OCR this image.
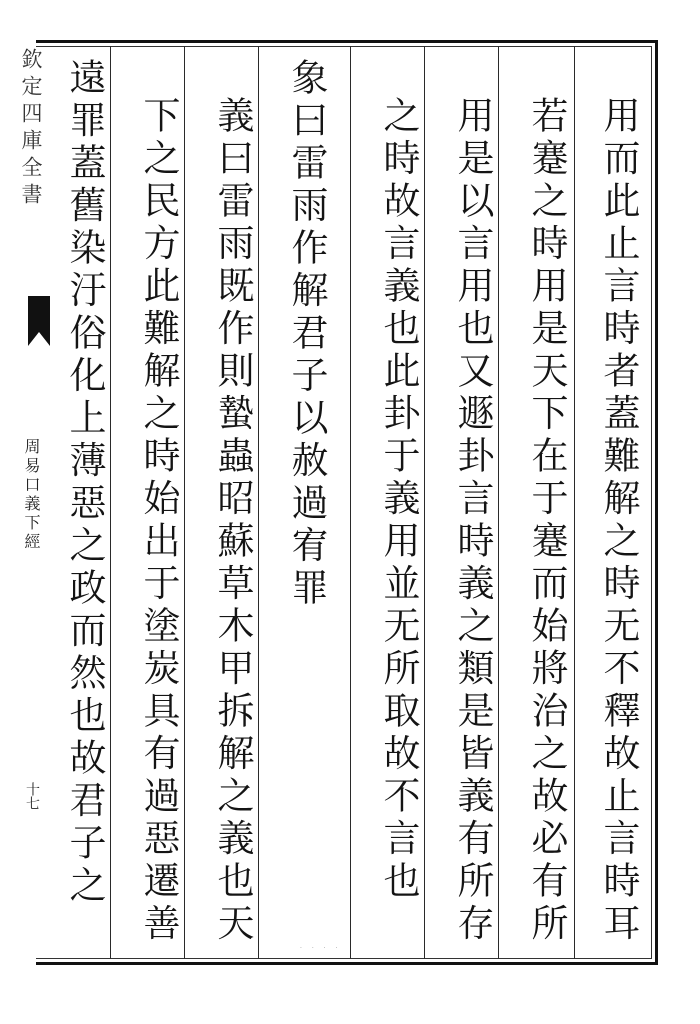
欽定四庫全書
周易口義下經
十七	用而此止言時者蓋難解之時无不釋故止言時耳
若蹇之時用是天下在于蹇而始將治之故必有所
用是以言用也又遯卦言時義之類是皆義有所存
之時故言義也此卦于義用並无所取故不言也
象曰雷雨作解君子以赦過宥罪
義曰雷雨既作則蟄蟲昭蘇草木甲拆解之義也天
下之民方此難解之時始出于塗炭具有過惡遷善
遠罪蓋舊染汙俗化上薄惡之政而然也故君子之
· · · ·
